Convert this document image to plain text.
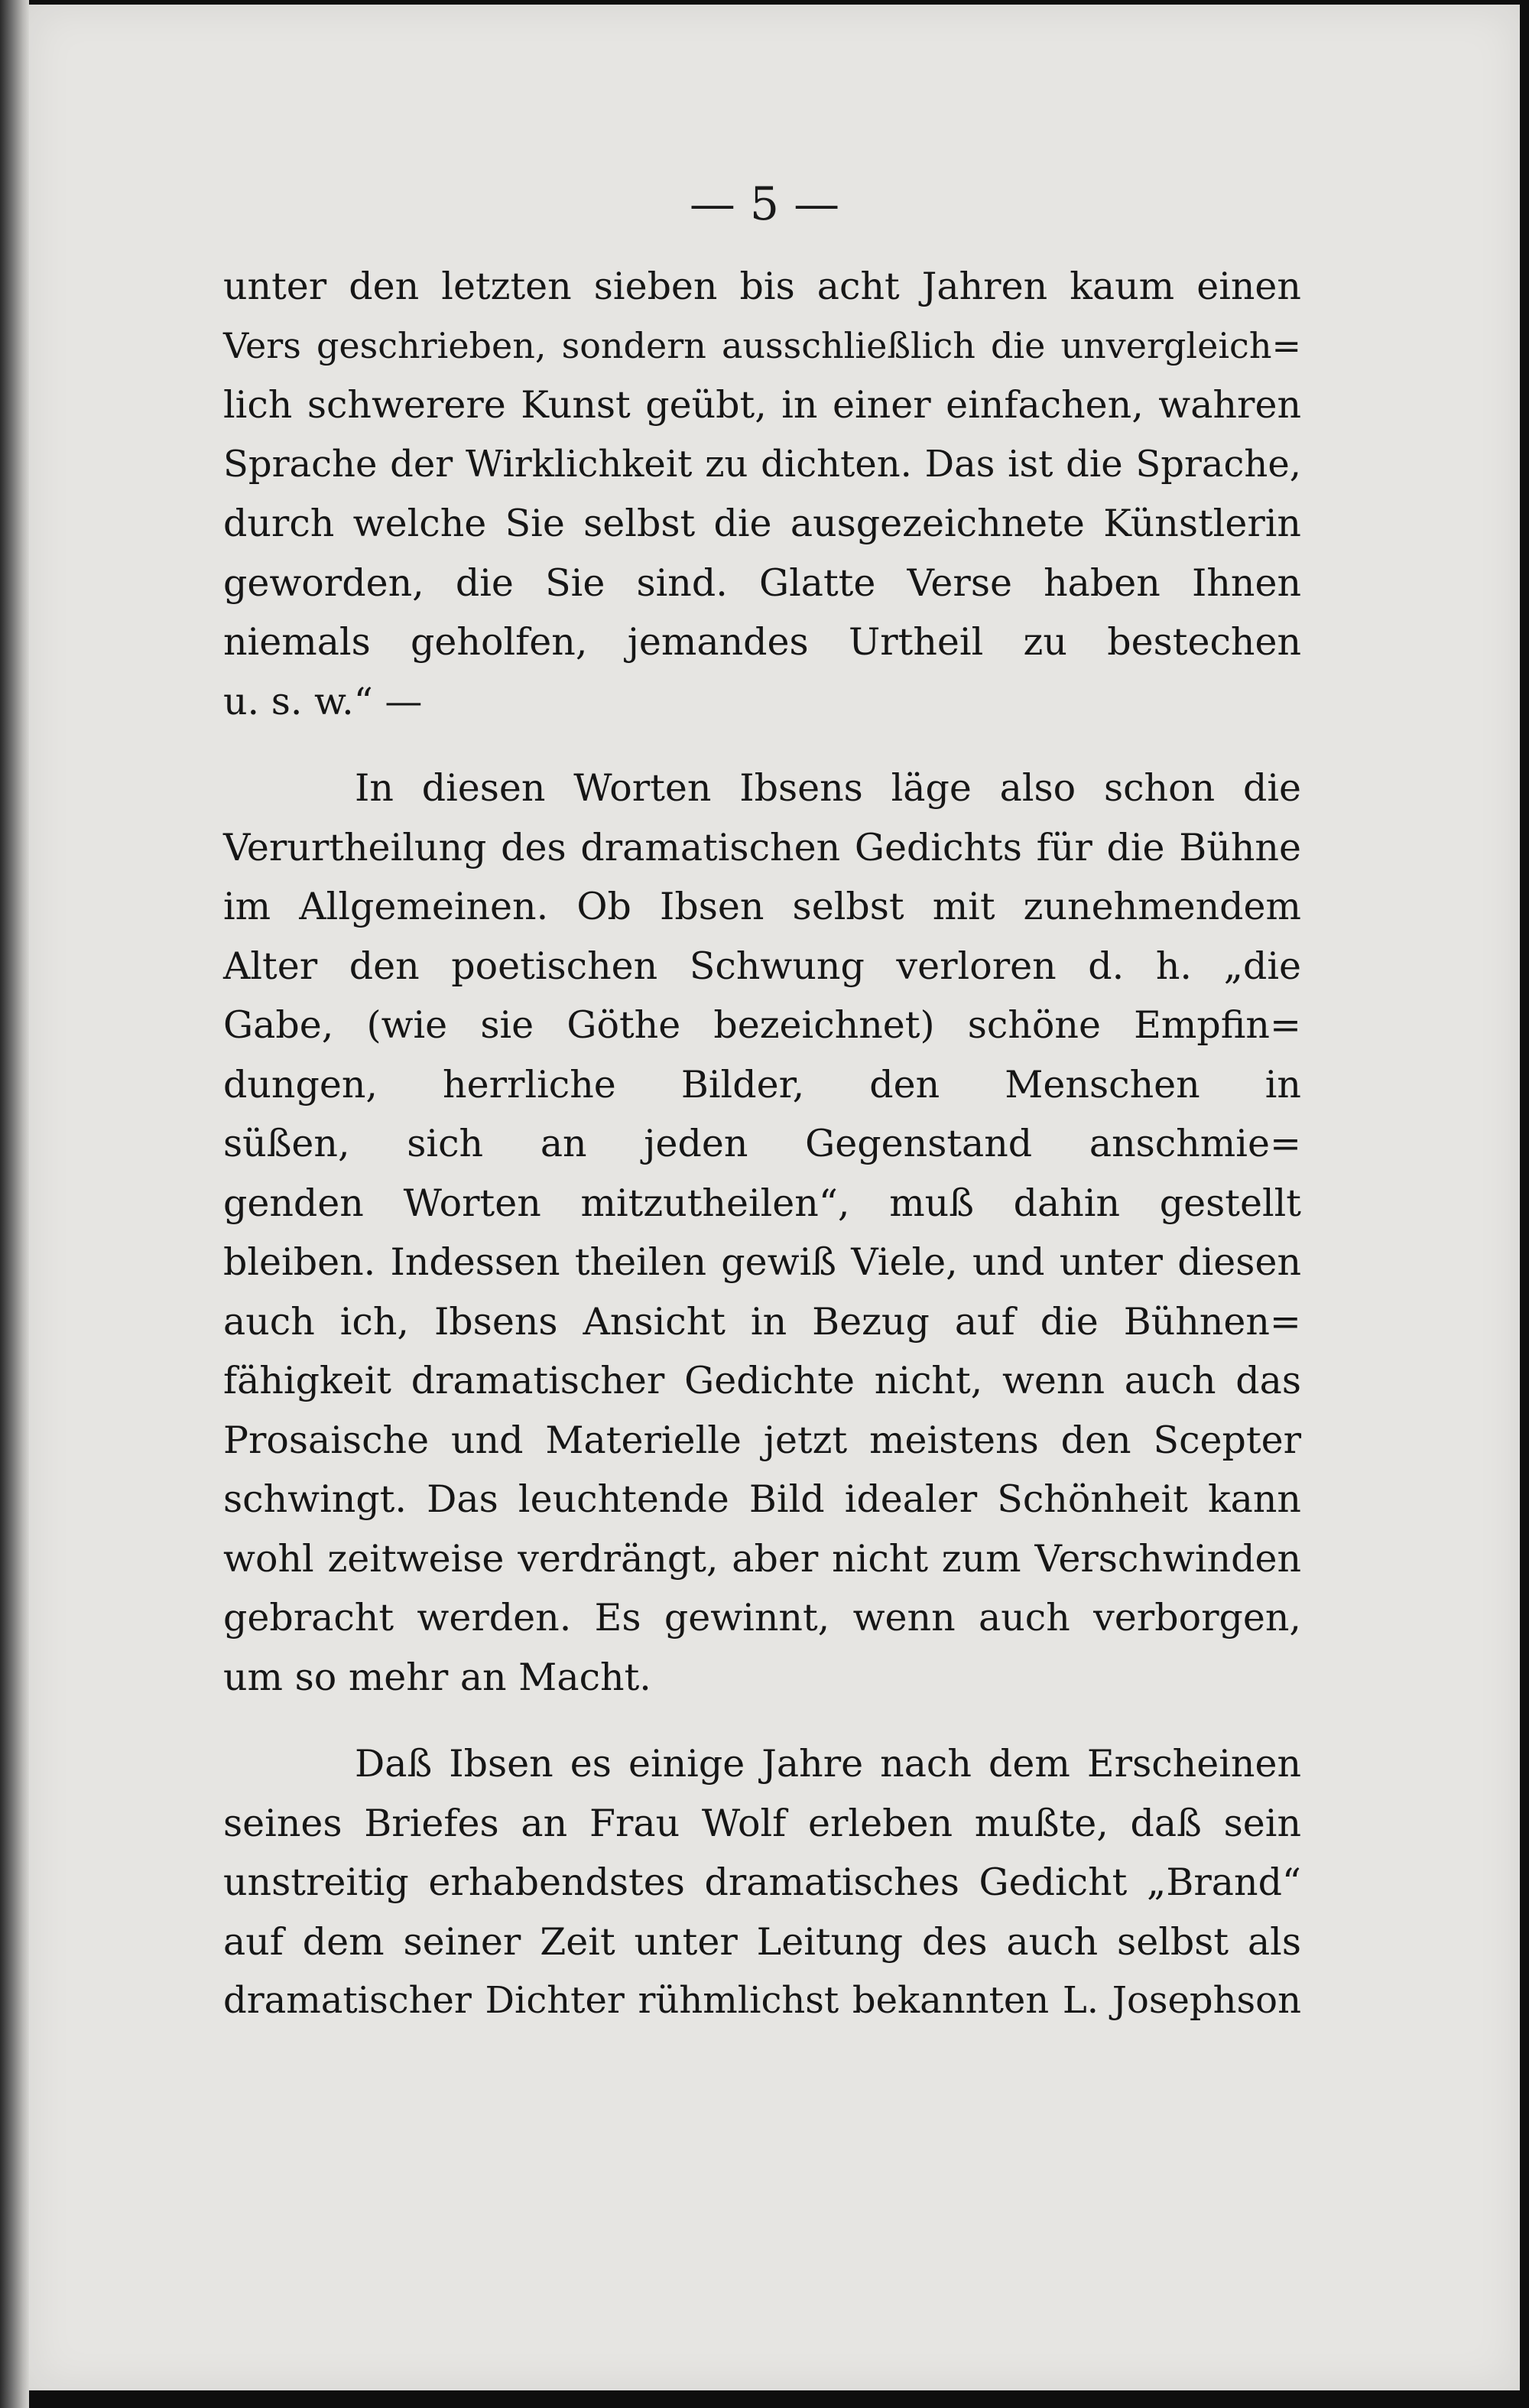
— 5 —
unter den letzten sieben bis acht Jahren kaum einen
Vers geschrieben, sondern ausschließlich die unvergleich=
lich schwerere Kunst geübt, in einer einfachen, wahren
Sprache der Wirklichkeit zu dichten. Das ist die Sprache,
durch welche Sie selbst die ausgezeichnete Künstlerin
geworden, die Sie sind. Glatte Verse haben Ihnen
niemals geholfen, jemandes Urtheil zu bestechen
u. s. w.“ —
In diesen Worten Ibsens läge also schon die
Verurtheilung des dramatischen Gedichts für die Bühne
im Allgemeinen. Ob Ibsen selbst mit zunehmendem
Alter den poetischen Schwung verloren d. h. „die
Gabe, (wie sie Göthe bezeichnet) schöne Empfin=
dungen, herrliche Bilder, den Menschen in
süßen, sich an jeden Gegenstand anschmie=
genden Worten mitzutheilen“, muß dahin gestellt
bleiben. Indessen theilen gewiß Viele, und unter diesen
auch ich, Ibsens Ansicht in Bezug auf die Bühnen=
fähigkeit dramatischer Gedichte nicht, wenn auch das
Prosaische und Materielle jetzt meistens den Scepter
schwingt. Das leuchtende Bild idealer Schönheit kann
wohl zeitweise verdrängt, aber nicht zum Verschwinden
gebracht werden. Es gewinnt, wenn auch verborgen,
um so mehr an Macht.
Daß Ibsen es einige Jahre nach dem Erscheinen
seines Briefes an Frau Wolf erleben mußte, daß sein
unstreitig erhabendstes dramatisches Gedicht „Brand“
auf dem seiner Zeit unter Leitung des auch selbst als
dramatischer Dichter rühmlichst bekannten L. Josephson
